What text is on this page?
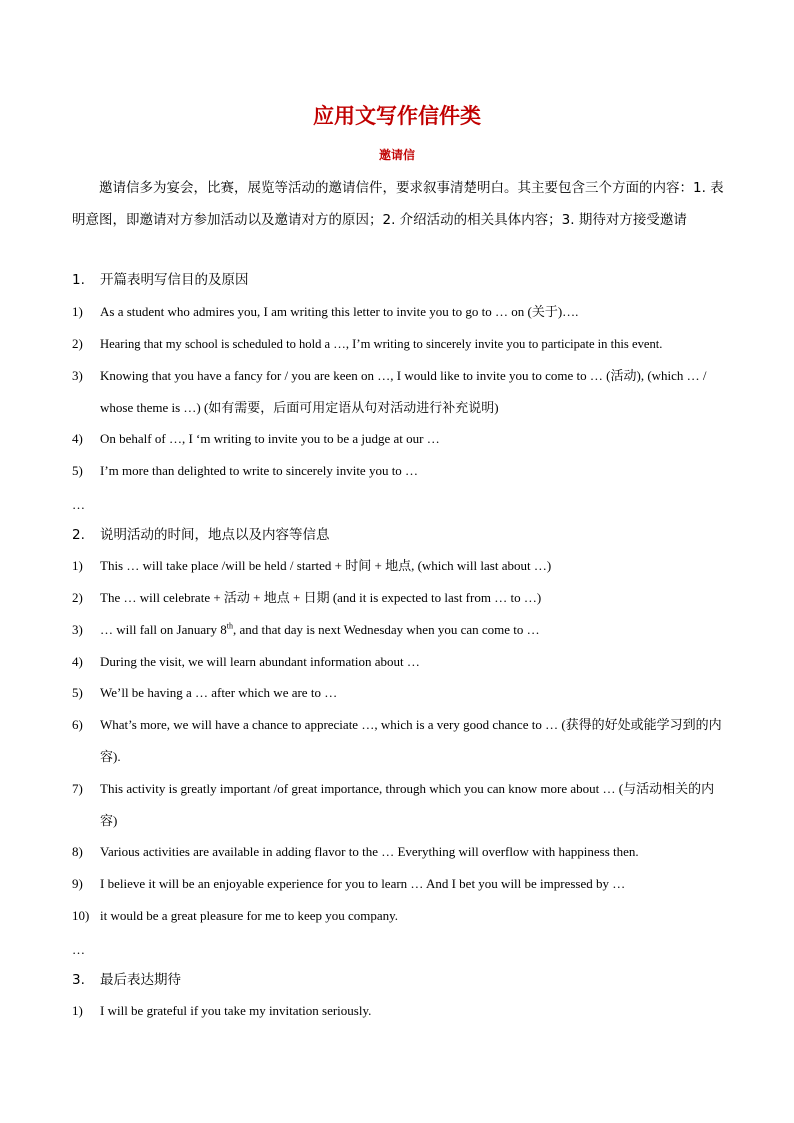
应用文写作信件类
邀请信
邀请信多为宴会，比赛，展览等活动的邀请信件，要求叙事清楚明白。其主要包含三个方面的内容：1. 表明意图，即邀请对方参加活动以及邀请对方的原因；2. 介绍活动的相关具体内容；3. 期待对方接受邀请
1. 开篇表明写信目的及原因
1) As a student who admires you, I am writing this letter to invite you to go to … on (关于)….
2) Hearing that my school is scheduled to hold a …, I’m writing to sincerely invite you to participate in this event.
3) Knowing that you have a fancy for / you are keen on …, I would like to invite you to come to … (活动), (which … / whose theme is …) (如有需要，后面可用定语从句对活动进行补充说明)
4) On behalf of …, I ‘m writing to invite you to be a judge at our …
5) I’m more than delighted to write to sincerely invite you to …
…
2. 说明活动的时间，地点以及内容等信息
1) This … will take place /will be held / started + 时间 + 地点, (which will last about …)
2) The … will celebrate + 活动 + 地点 + 日期 (and it is expected to last from … to …)
3) … will fall on January 8th, and that day is next Wednesday when you can come to …
4) During the visit, we will learn abundant information about …
5) We’ll be having a … after which we are to …
6) What’s more, we will have a chance to appreciate …, which is a very good chance to … (获得的好处或能学习到的内容).
7) This activity is greatly important /of great importance, through which you can know more about … (与活动相关的内容)
8) Various activities are available in adding flavor to the … Everything will overflow with happiness then.
9) I believe it will be an enjoyable experience for you to learn … And I bet you will be impressed by …
10) it would be a great pleasure for me to keep you company.
…
3. 最后表达期待
1) I will be grateful if you take my invitation seriously.
